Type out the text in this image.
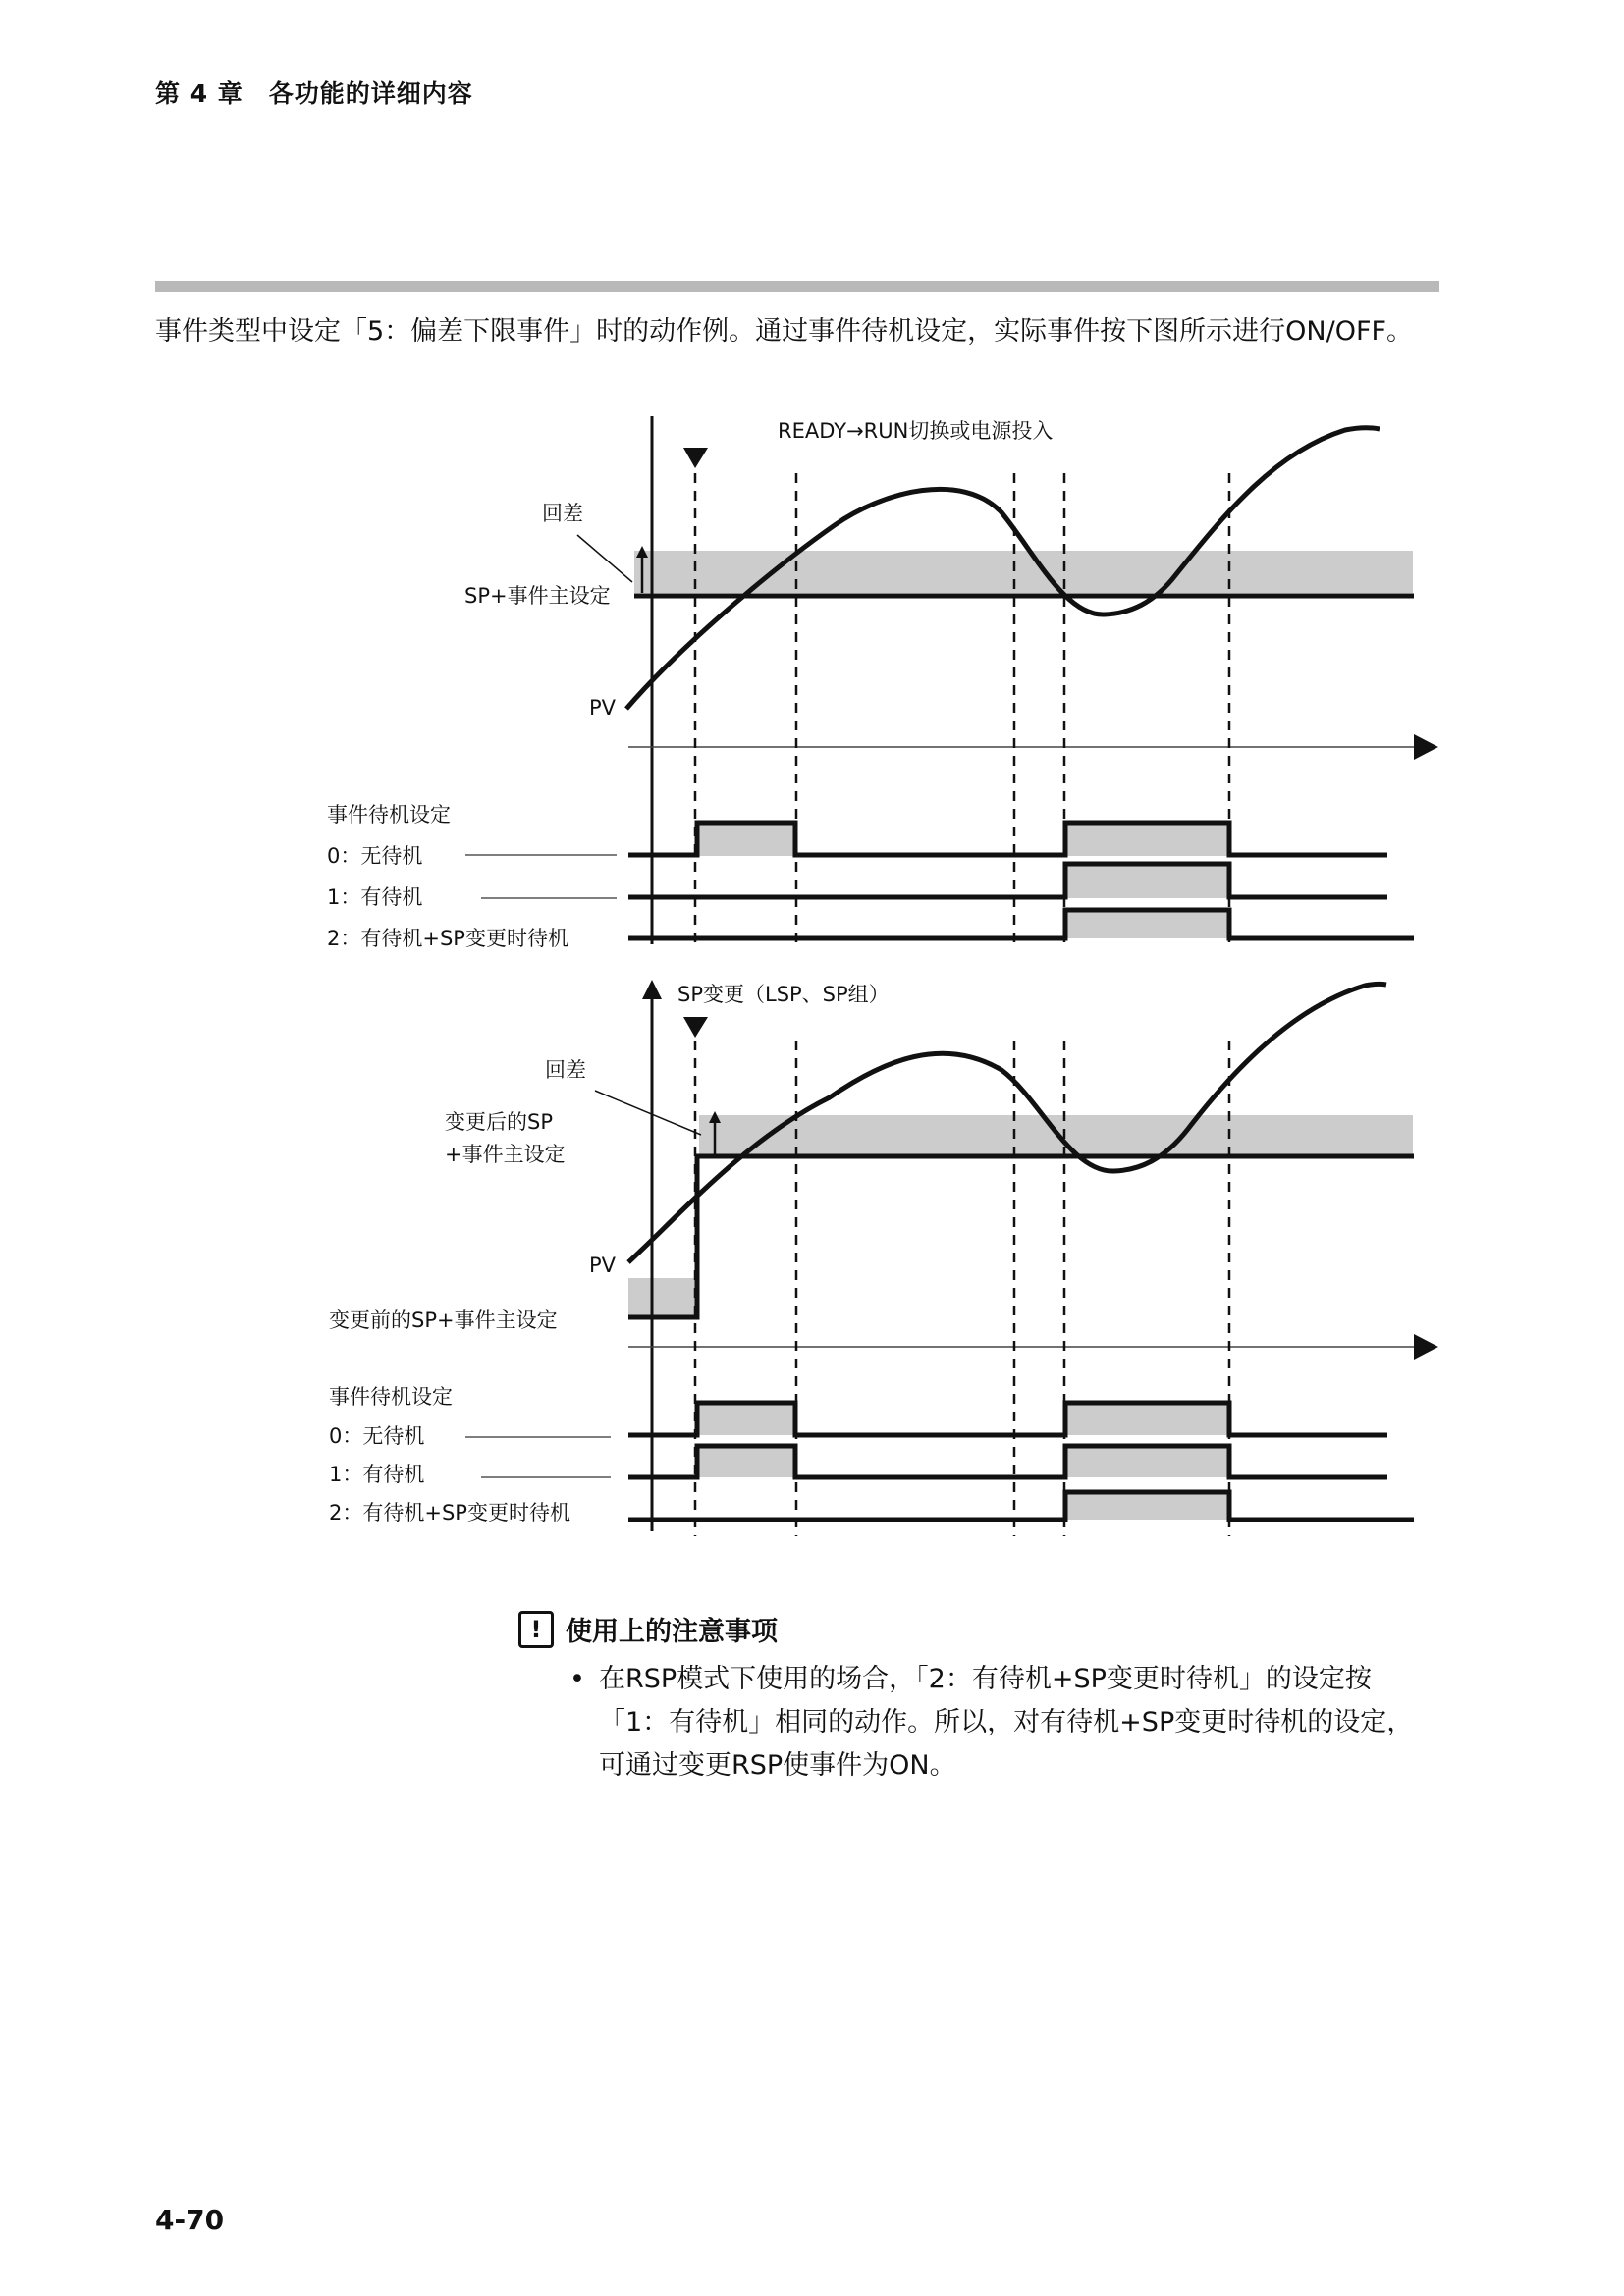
第 4 章　各功能的详细内容
事件类型中设定「5：偏差下限事件」时的动作例。通过事件待机设定，实际事件按下图所示进行ON/OFF。
READY→RUN切换或电源投入
回差
SP+事件主设定
PV
事件待机设定
0：无待机
1：有待机
2：有待机+SP变更时待机
SP变更（LSP、SP组）
回差
变更后的SP
+事件主设定
PV
变更前的SP+事件主设定
事件待机设定
0：无待机
1：有待机
2：有待机+SP变更时待机
! 使用上的注意事项
• 在RSP模式下使用的场合，「2：有待机+SP变更时待机」的设定按「1：有待机」相同的动作。所以，对有待机+SP变更时待机的设定，可通过变更RSP使事件为ON。
4-70
